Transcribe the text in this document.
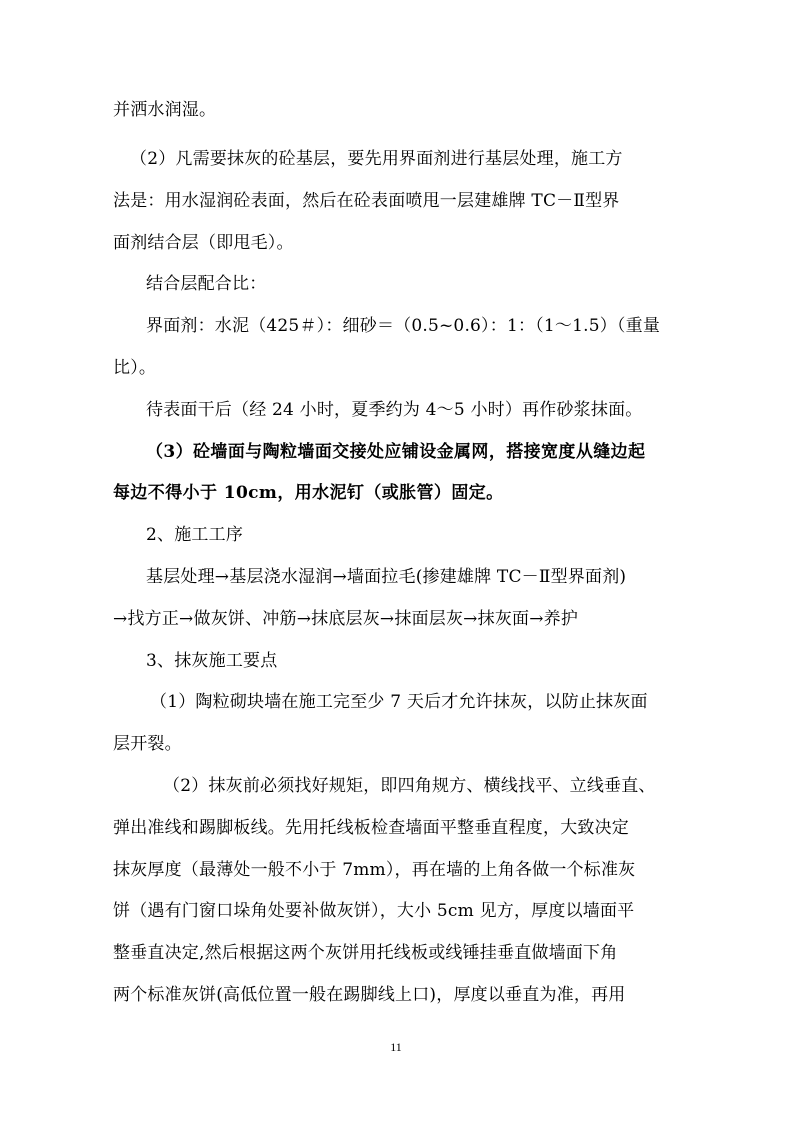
并洒水润湿。
（2）凡需要抹灰的砼基层，要先用界面剂进行基层处理，施工方
法是：用水湿润砼表面，然后在砼表面喷甩一层建雄牌 TC－Ⅱ型界
面剂结合层（即甩毛）。
结合层配合比：
界面剂：水泥（425＃）：细砂＝（0.5~0.6）：1：（1～1.5）（重量
比）。
待表面干后（经 24 小时，夏季约为 4～5 小时）再作砂浆抹面。
（3）砼墙面与陶粒墙面交接处应铺设金属网，搭接宽度从缝边起
每边不得小于 10cm，用水泥钉（或胀管）固定。
2、施工工序
基层处理→基层浇水湿润→墙面拉毛(掺建雄牌 TC－Ⅱ型界面剂)
→找方正→做灰饼、冲筋→抹底层灰→抹面层灰→抹灰面→养护
3、抹灰施工要点
（1）陶粒砌块墙在施工完至少 7 天后才允许抹灰，以防止抹灰面
层开裂。
（2）抹灰前必须找好规矩，即四角规方、横线找平、立线垂直、
弹出准线和踢脚板线。先用托线板检查墙面平整垂直程度，大致决定
抹灰厚度（最薄处一般不小于 7mm），再在墙的上角各做一个标准灰
饼（遇有门窗口垛角处要补做灰饼），大小 5cm 见方，厚度以墙面平
整垂直决定,然后根据这两个灰饼用托线板或线锤挂垂直做墙面下角
两个标准灰饼(高低位置一般在踢脚线上口)，厚度以垂直为准，再用
11
